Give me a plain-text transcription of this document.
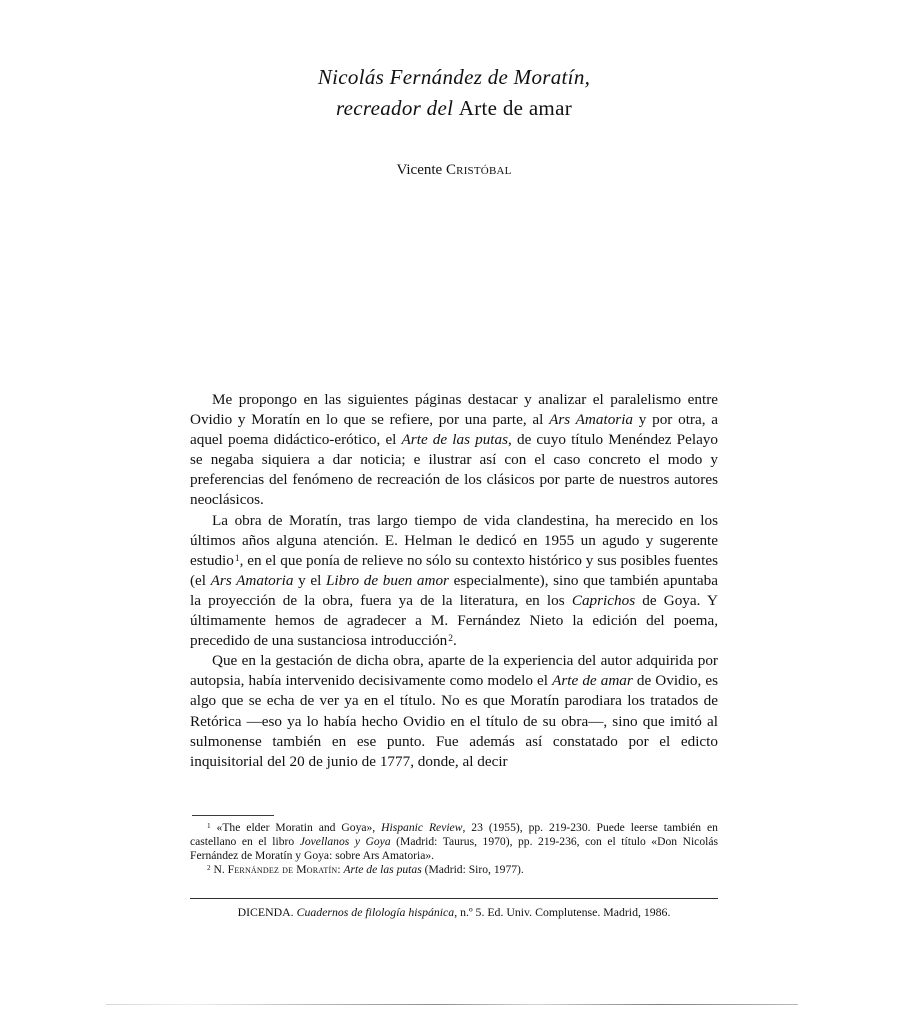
Nicolás Fernández de Moratín,
recreador del Arte de amar
Vicente Cristóbal

Me propongo en las siguientes páginas destacar y analizar el paralelismo entre Ovidio y Moratín en lo que se refiere, por una parte, al Ars Amatoria y por otra, a aquel poema didáctico-erótico, el Arte de las putas, de cuyo título Menéndez Pelayo se negaba siquiera a dar noticia; e ilustrar así con el caso concreto el modo y preferencias del fenómeno de recreación de los clásicos por parte de nuestros autores neoclásicos.

La obra de Moratín, tras largo tiempo de vida clandestina, ha merecido en los últimos años alguna atención. E. Helman le dedicó en 1955 un agudo y sugerente estudio$^1$, en el que ponía de relieve no sólo su contexto histórico y sus posibles fuentes (el Ars Amatoria y el Libro de buen amor especialmente), sino que también apuntaba la proyección de la obra, fuera ya de la literatura, en los Caprichos de Goya. Y últimamente hemos de agradecer a M. Fernández Nieto la edición del poema, precedido de una sustanciosa introducción$^2$.

Que en la gestación de dicha obra, aparte de la experiencia del autor adquirida por autopsia, había intervenido decisivamente como modelo el Arte de amar de Ovidio, es algo que se echa de ver ya en el título. No es que Moratín parodiara los tratados de Retórica —eso ya lo había hecho Ovidio en el título de su obra—, sino que imitó al sulmonense también en ese punto. Fue además así constatado por el edicto inquisitorial del 20 de junio de 1777, donde, al decir

$^1$ «The elder Moratin and Goya», Hispanic Review, 23 (1955), pp. 219-230. Puede leerse también en castellano en el libro Jovellanos y Goya (Madrid: Taurus, 1970), pp. 219-236, con el título «Don Nicolás Fernández de Moratín y Goya: sobre Ars Amatoria».

$^2$ N. Fernández de Moratín: Arte de las putas (Madrid: Siro, 1977).

DICENDA. Cuadernos de filología hispánica, n.º 5. Ed. Univ. Complutense. Madrid, 1986.
